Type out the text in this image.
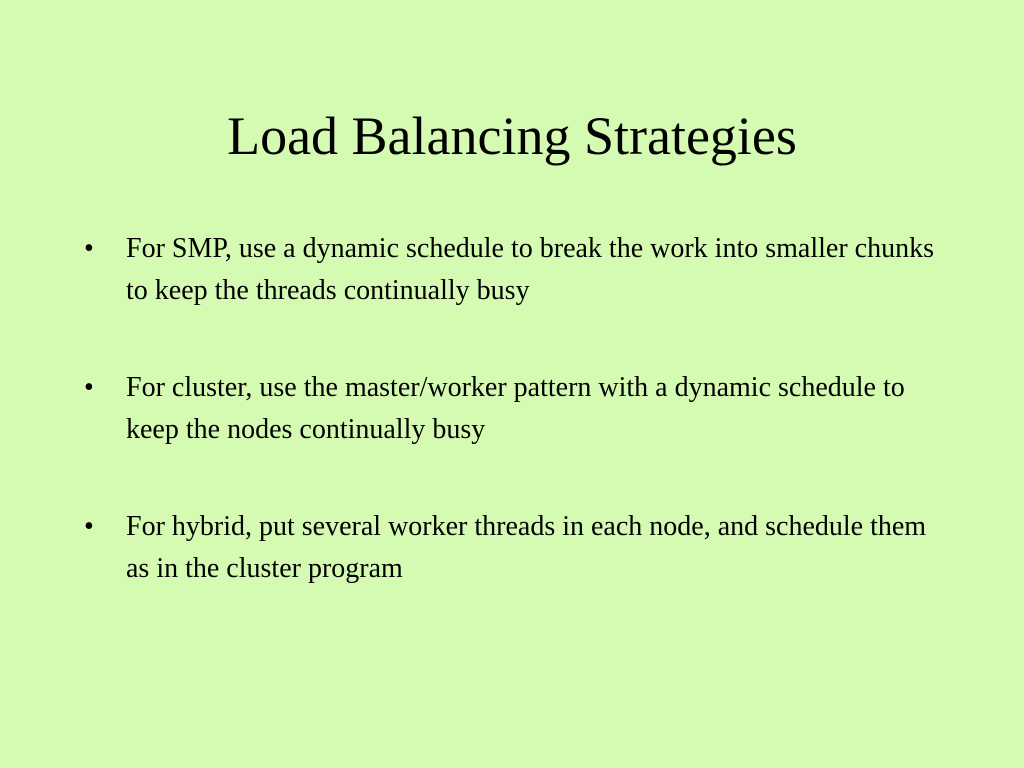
Load Balancing Strategies
• For SMP, use a dynamic schedule to break the work into smaller chunks to keep the threads continually busy
• For cluster, use the master/worker pattern with a dynamic schedule to keep the nodes continually busy
• For hybrid, put several worker threads in each node, and schedule them as in the cluster program
